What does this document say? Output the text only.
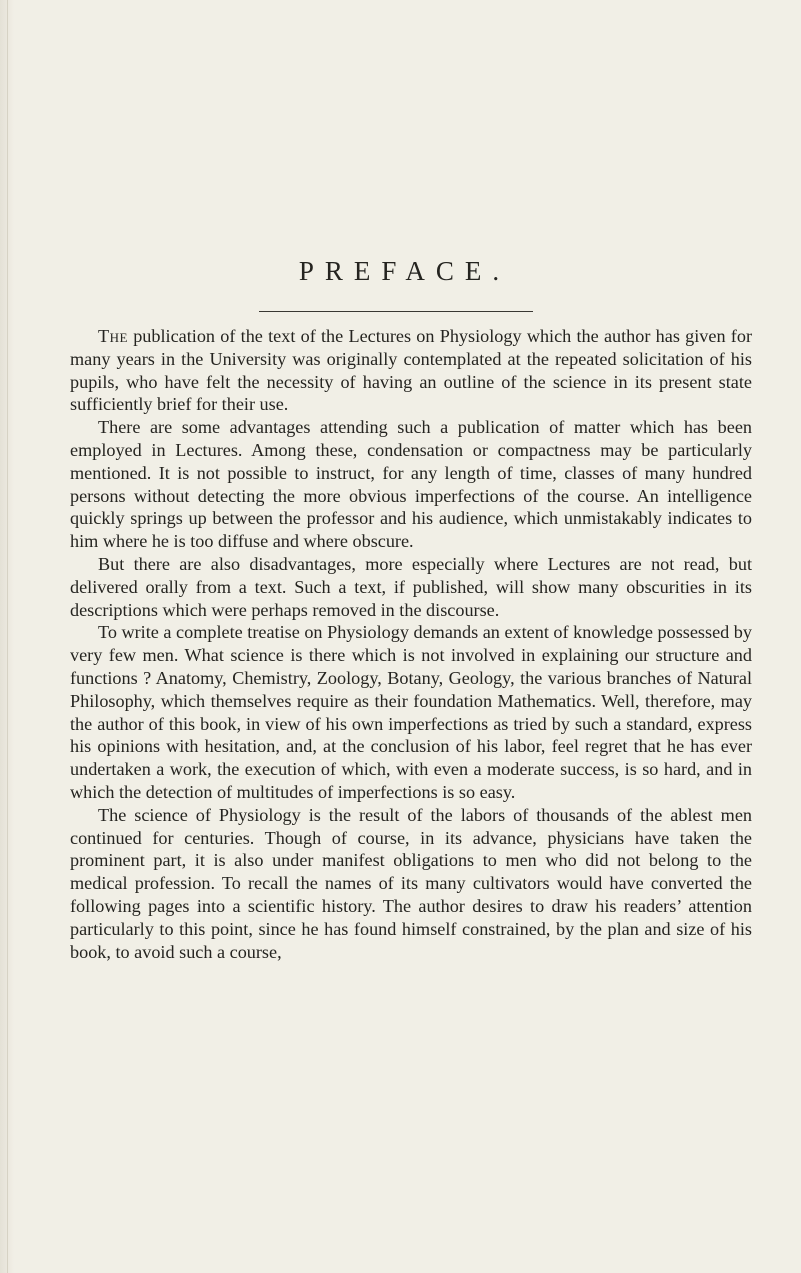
PREFACE.

The publication of the text of the Lectures on Physiology which the author has given for many years in the University was originally contemplated at the repeated solicitation of his pupils, who have felt the necessity of having an outline of the science in its present state sufficiently brief for their use.

There are some advantages attending such a publication of matter which has been employed in Lectures. Among these, condensation or compactness may be particularly mentioned. It is not possible to instruct, for any length of time, classes of many hundred persons without detecting the more obvious imperfections of the course. An intelligence quickly springs up between the professor and his audience, which unmistakably indicates to him where he is too diffuse and where obscure.

But there are also disadvantages, more especially where Lectures are not read, but delivered orally from a text. Such a text, if published, will show many obscurities in its descriptions which were perhaps removed in the discourse.

To write a complete treatise on Physiology demands an extent of knowledge possessed by very few men. What science is there which is not involved in explaining our structure and functions ? Anatomy, Chemistry, Zoology, Botany, Geology, the various branches of Natural Philosophy, which themselves require as their foundation Mathematics. Well, therefore, may the author of this book, in view of his own imperfections as tried by such a standard, express his opinions with hesitation, and, at the conclusion of his labor, feel regret that he has ever undertaken a work, the execution of which, with even a moderate success, is so hard, and in which the detection of multitudes of imperfections is so easy.

The science of Physiology is the result of the labors of thousands of the ablest men continued for centuries. Though of course, in its advance, physicians have taken the prominent part, it is also under manifest obligations to men who did not belong to the medical profession. To recall the names of its many cultivators would have converted the following pages into a scientific history. The author desires to draw his readers’ attention particularly to this point, since he has found himself constrained, by the plan and size of his book, to avoid such a course,
